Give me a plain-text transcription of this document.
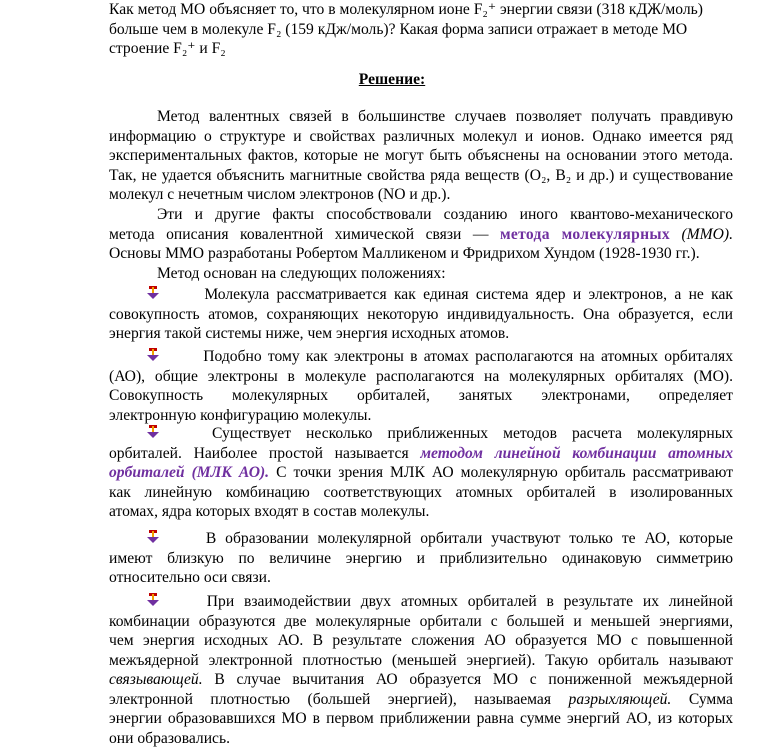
Как метод МО объясняет то, что в молекулярном ионе F₂⁺ энергии связи (318 кДЖ/моль)
больше чем в молекуле F₂ (159 кДж/моль)? Какая форма записи отражает в методе МО
строение F₂⁺ и F₂
Решение:
Метод валентных связей в большинстве случаев позволяет получать правдивую
информацию о структуре и свойствах различных молекул и ионов. Однако имеется ряд
экспериментальных фактов, которые не могут быть объяснены на основании этого метода.
Так, не удается объяснить магнитные свойства ряда веществ (O₂, B₂ и др.) и существование
молекул с нечетным числом электронов (NO и др.).
Эти и другие факты способствовали созданию иного квантово-механического
метода описания ковалентной химической связи — метода молекулярных (ММО).
Основы ММО разработаны Робертом Малликеном и Фридрихом Хундом (1928-1930 гг.).
Метод основан на следующих положениях:
Молекула рассматривается как единая система ядер и электронов, а не как
совокупность атомов, сохраняющих некоторую индивидуальность. Она образуется, если
энергия такой системы ниже, чем энергия исходных атомов.
Подобно тому как электроны в атомах располагаются на атомных орбиталях
(АО), общие электроны в молекуле располагаются на молекулярных орбиталях (МО).
Совокупность молекулярных орбиталей, занятых электронами, определяет
электронную конфигурацию молекулы.
Существует несколько приближенных методов расчета молекулярных
орбиталей. Наиболее простой называется методом линейной комбинации атомных
орбиталей (МЛК АО). С точки зрения МЛК АО молекулярную орбиталь рассматривают
как линейную комбинацию соответствующих атомных орбиталей в изолированных
атомах, ядра которых входят в состав молекулы.
В образовании молекулярной орбитали участвуют только те АО, которые
имеют близкую по величине энергию и приблизительно одинаковую симметрию
относительно оси связи.
При взаимодействии двух атомных орбиталей в результате их линейной
комбинации образуются две молекулярные орбитали с большей и меньшей энергиями,
чем энергия исходных АО. В результате сложения АО образуется МО с повышенной
межъядерной электронной плотностью (меньшей энергией). Такую орбиталь называют
связывающей. В случае вычитания АО образуется МО с пониженной межъядерной
электронной плотностью (большей энергией), называемая разрыхляющей. Сумма
энергии образовавшихся МО в первом приближении равна сумме энергий АО, из которых
они образовались.
